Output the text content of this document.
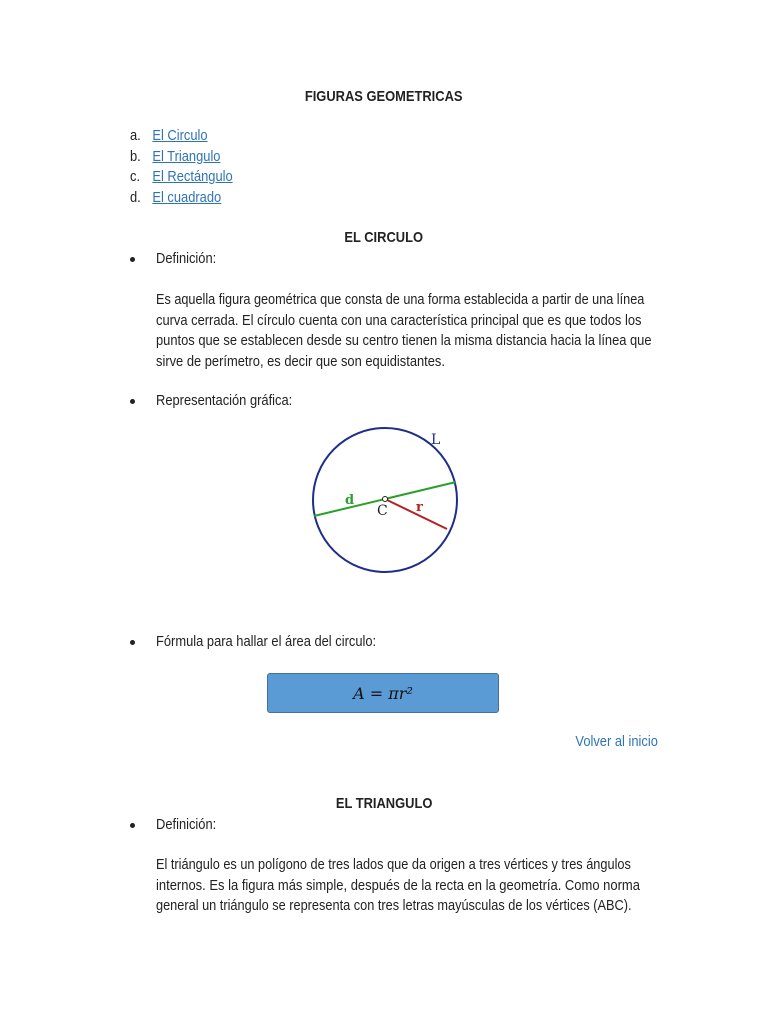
FIGURAS GEOMETRICAS
a. El Circulo
b. El Triangulo
c. El Rectángulo
d. El cuadrado
EL CIRCULO
Definición:
Es aquella figura geométrica que consta de una forma establecida a partir de una línea
curva cerrada. El círculo cuenta con una característica principal que es que todos los
puntos que se establecen desde su centro tienen la misma distancia hacia la línea que
sirve de perímetro, es decir que son equidistantes.
Representación gráfica:
L
d
C r
Fórmula para hallar el área del circulo:
A = πr²
Volver al inicio
EL TRIANGULO
Definición:
El triángulo es un polígono de tres lados que da origen a tres vértices y tres ángulos
internos. Es la figura más simple, después de la recta en la geometría. Como norma
general un triángulo se representa con tres letras mayúsculas de los vértices (ABC).
